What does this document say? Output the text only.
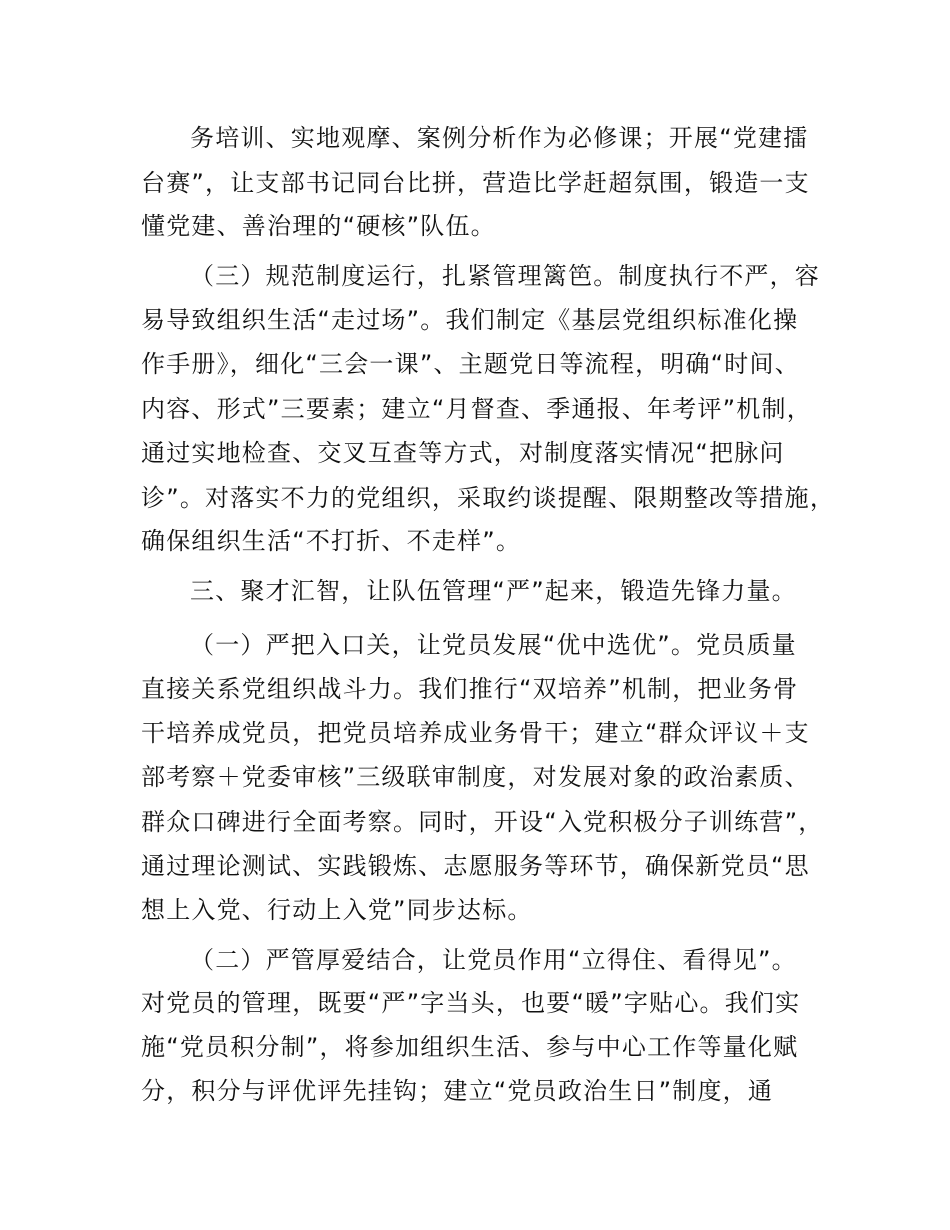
务培训、实地观摩、案例分析作为必修课；开展“党建擂
台赛”，让支部书记同台比拼，营造比学赶超氛围，锻造一支
懂党建、善治理的“硬核”队伍。
（三）规范制度运行，扎紧管理篱笆。制度执行不严，容
易导致组织生活“走过场”。我们制定《基层党组织标准化操
作手册》，细化“三会一课”、主题党日等流程，明确“时间、
内容、形式”三要素；建立“月督查、季通报、年考评”机制，
通过实地检查、交叉互查等方式，对制度落实情况“把脉问
诊”。对落实不力的党组织，采取约谈提醒、限期整改等措施，
确保组织生活“不打折、不走样”。
三、聚才汇智，让队伍管理“严”起来，锻造先锋力量。
（一）严把入口关，让党员发展“优中选优”。党员质量
直接关系党组织战斗力。我们推行“双培养”机制，把业务骨
干培养成党员，把党员培养成业务骨干；建立“群众评议＋支
部考察＋党委审核”三级联审制度，对发展对象的政治素质、
群众口碑进行全面考察。同时，开设“入党积极分子训练营”，
通过理论测试、实践锻炼、志愿服务等环节，确保新党员“思
想上入党、行动上入党”同步达标。
（二）严管厚爱结合，让党员作用“立得住、看得见”。
对党员的管理，既要“严”字当头，也要“暖”字贴心。我们实
施“党员积分制”，将参加组织生活、参与中心工作等量化赋
分，积分与评优评先挂钩；建立“党员政治生日”制度，通
